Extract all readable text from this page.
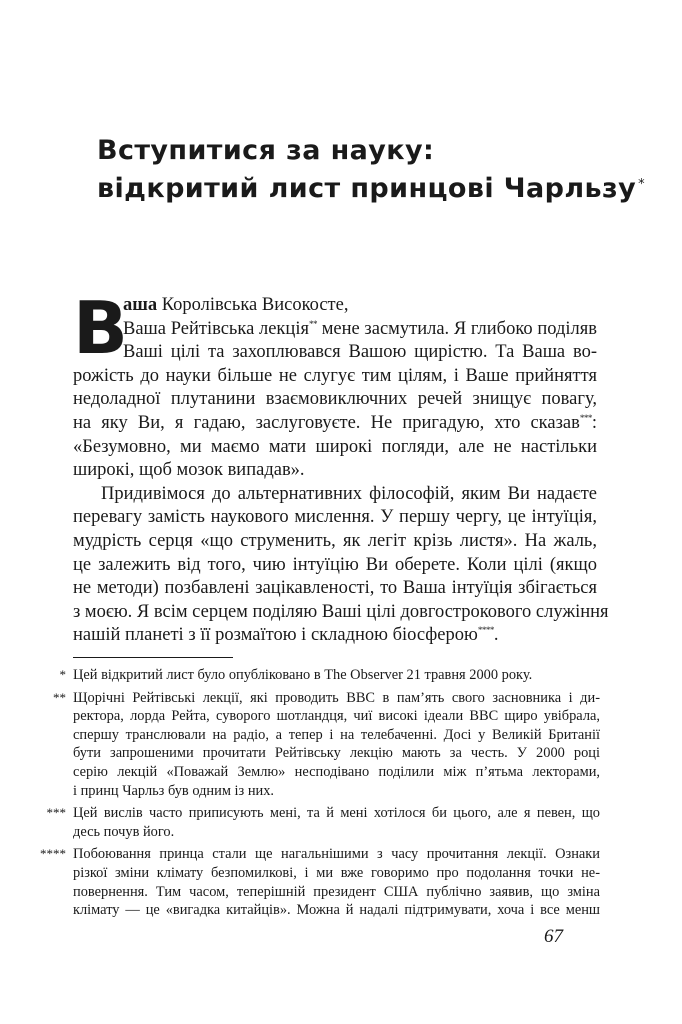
Вступитися за науку:
відкритий лист принцові Чарльзу *
В
аша Королівська Високосте,
Ваша Рейтівська лекція** мене засмутила. Я глибоко поділяв
Ваші цілі та захоплювався Вашою щирістю. Та Ваша во-
рожість до науки більше не слугує тим цілям, і Ваше прийняття
недоладної плутанини взаємовиключних речей знищує повагу,
на яку Ви, я гадаю, заслуговуєте. Не пригадую, хто сказав***:
«Безумовно, ми маємо мати широкі погляди, але не настільки
широкі, щоб мозок випадав».
Придивімося до альтернативних філософій, яким Ви надаєте
перевагу замість наукового мислення. У першу чергу, це інтуїція,
мудрість серця «що струменить, як легіт крізь листя». На жаль,
це залежить від того, чию інтуїцію Ви оберете. Коли цілі (якщо
не методи) позбавлені зацікавленості, то Ваша інтуїція збігається
з моєю. Я всім серцем поділяю Ваші цілі довгострокового служіння
нашій планеті з її розмаїтою і складною біосферою****.
* Цей відкритий лист було опубліковано в The Observer 21 травня 2000 року.
** Щорічні Рейтівські лекції, які проводить BBC в пам’ять свого засновника і ди-
ректора, лорда Рейта, суворого шотландця, чиї високі ідеали BBC щиро увібрала,
спершу транслювали на радіо, а тепер і на телебаченні. Досі у Великій Британії
бути запрошеними прочитати Рейтівську лекцію мають за честь. У 2000 році
серію лекцій «Поважай Землю» несподівано поділили між п’ятьма лекторами,
і принц Чарльз був одним із них.
*** Цей вислів часто приписують мені, та й мені хотілося би цього, але я певен, що
десь почув його.
**** Побоювання принца стали ще нагальнішими з часу прочитання лекції. Ознаки
різкої зміни клімату безпомилкові, і ми вже говоримо про подолання точки не-
повернення. Тим часом, теперішній президент США публічно заявив, що зміна
клімату — це «вигадка китайців». Можна й надалі підтримувати, хоча і все менш
67
